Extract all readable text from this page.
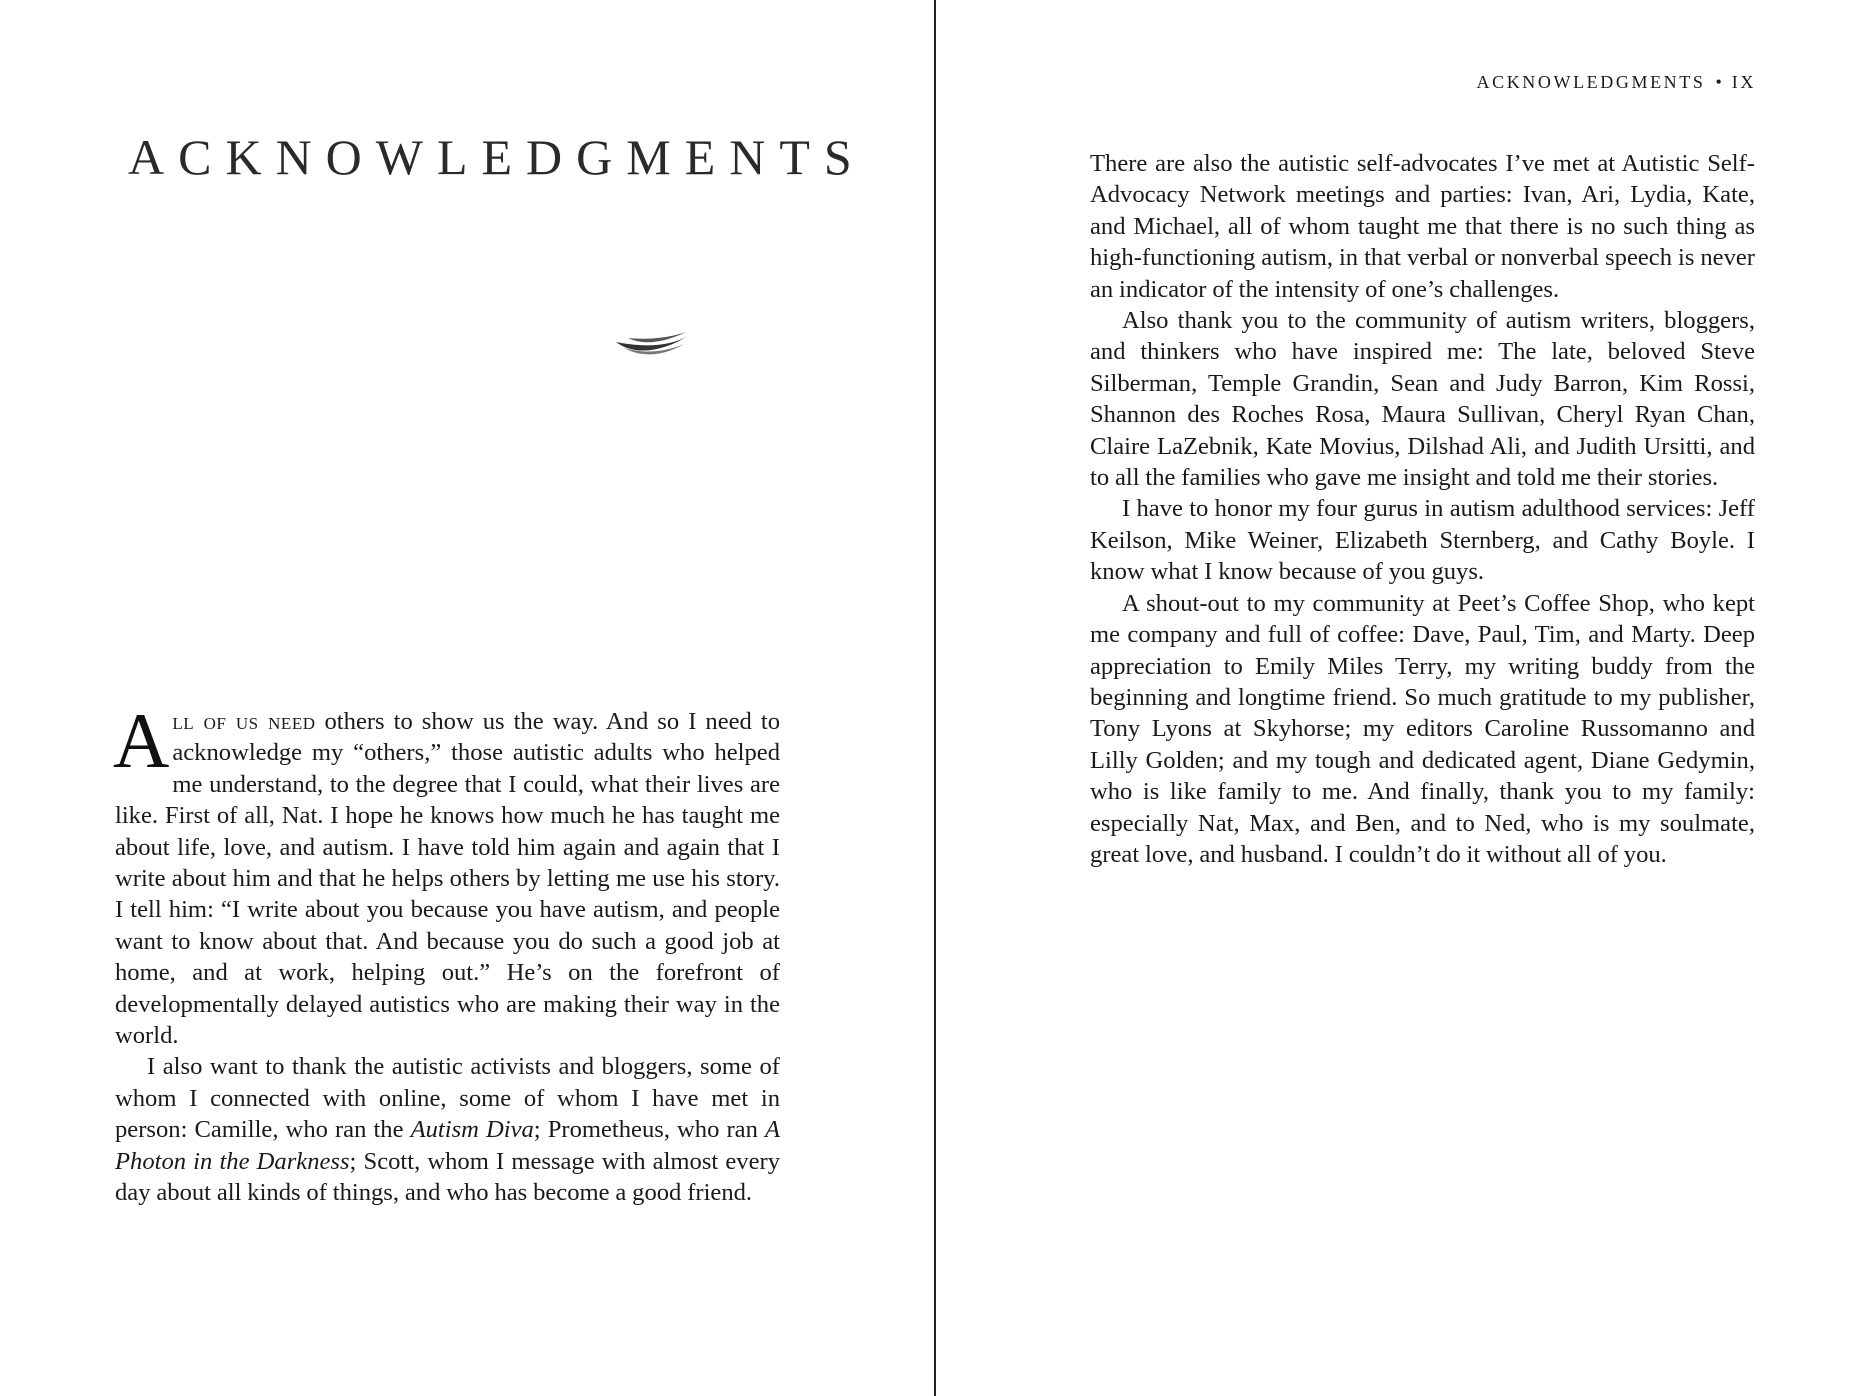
ACKNOWLEDGMENTS

All of us need others to show us the way. And so I need to acknowledge my “others,” those autistic adults who helped me understand, to the degree that I could, what their lives are like. First of all, Nat. I hope he knows how much he has taught me about life, love, and autism. I have told him again and again that I write about him and that he helps others by letting me use his story. I tell him: “I write about you because you have autism, and people want to know about that. And because you do such a good job at home, and at work, helping out.” He’s on the forefront of developmentally delayed autistics who are making their way in the world.

I also want to thank the autistic activists and bloggers, some of whom I connected with online, some of whom I have met in person: Camille, who ran the Autism Diva; Prometheus, who ran A Photon in the Darkness; Scott, whom I message with almost every day about all kinds of things, and who has become a good friend.

ACKNOWLEDGMENTS • IX

There are also the autistic self-advocates I’ve met at Autistic Self-Advocacy Network meetings and parties: Ivan, Ari, Lydia, Kate, and Michael, all of whom taught me that there is no such thing as high-functioning autism, in that verbal or nonverbal speech is never an indicator of the intensity of one’s challenges.

Also thank you to the community of autism writers, bloggers, and thinkers who have inspired me: The late, beloved Steve Silberman, Temple Grandin, Sean and Judy Barron, Kim Rossi, Shannon des Roches Rosa, Maura Sullivan, Cheryl Ryan Chan, Claire LaZebnik, Kate Movius, Dilshad Ali, and Judith Ursitti, and to all the families who gave me insight and told me their stories.

I have to honor my four gurus in autism adulthood services: Jeff Keilson, Mike Weiner, Elizabeth Sternberg, and Cathy Boyle. I know what I know because of you guys.

A shout-out to my community at Peet’s Coffee Shop, who kept me company and full of coffee: Dave, Paul, Tim, and Marty. Deep appreciation to Emily Miles Terry, my writing buddy from the beginning and longtime friend. So much gratitude to my publisher, Tony Lyons at Skyhorse; my editors Caroline Russomanno and Lilly Golden; and my tough and dedicated agent, Diane Gedymin, who is like family to me. And finally, thank you to my family: especially Nat, Max, and Ben, and to Ned, who is my soulmate, great love, and husband. I couldn’t do it without all of you.
